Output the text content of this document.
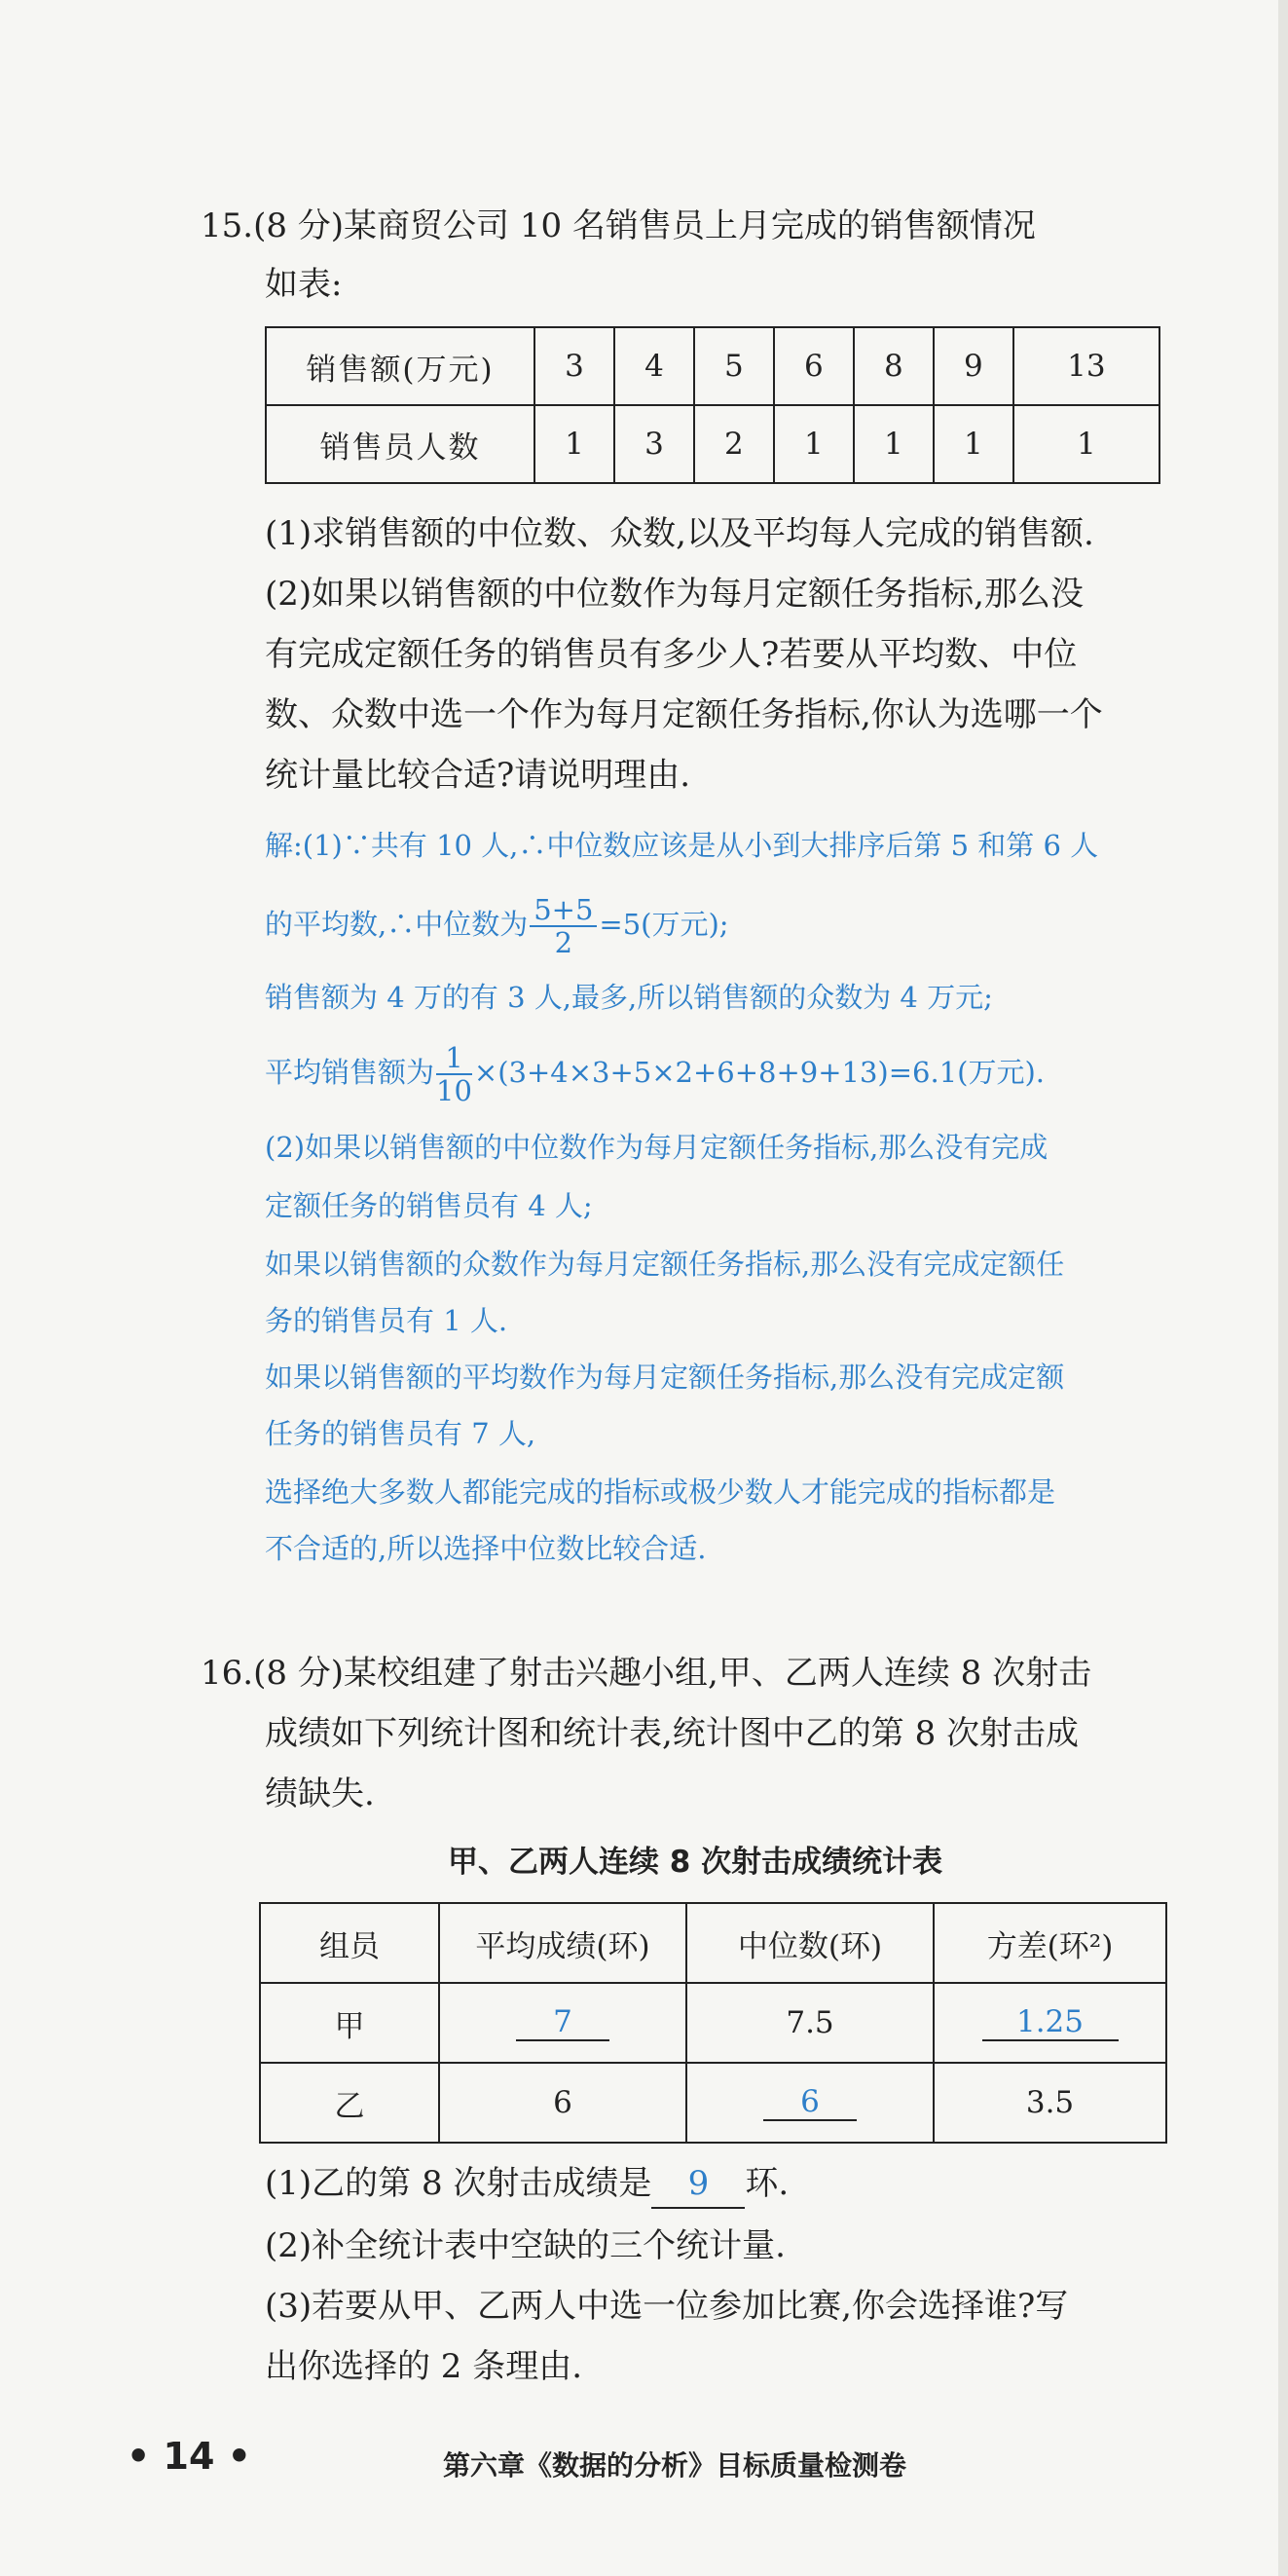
15.(8 分)某商贸公司 10 名销售员上月完成的销售额情况
如表:
销售额(万元)	3	4	5	6	8	9	13
销售员人数	1	3	2	1	1	1	1
(1)求销售额的中位数、众数,以及平均每人完成的销售额.
(2)如果以销售额的中位数作为每月定额任务指标,那么没
有完成定额任务的销售员有多少人?若要从平均数、中位
数、众数中选一个作为每月定额任务指标,你认为选哪一个
统计量比较合适?请说明理由.
解:(1)∵共有 10 人,∴中位数应该是从小到大排序后第 5 和第 6 人
的平均数,∴中位数为 $\frac{5+5}{2} =5$(万元);
销售额为 4 万的有 3 人,最多,所以销售额的众数为 4 万元;
平均销售额为 $\frac{1}{10} \times(3+4\times 3+5\times 2+6+8+9+13)=6.1$(万元).
(2)如果以销售额的中位数作为每月定额任务指标,那么没有完成
定额任务的销售员有 4 人;
如果以销售额的众数作为每月定额任务指标,那么没有完成定额任
务的销售员有 1 人.
如果以销售额的平均数作为每月定额任务指标,那么没有完成定额
任务的销售员有 7 人,
选择绝大多数人都能完成的指标或极少数人才能完成的指标都是
不合适的,所以选择中位数比较合适.
16.(8 分)某校组建了射击兴趣小组,甲、乙两人连续 8 次射击
成绩如下列统计图和统计表,统计图中乙的第 8 次射击成
绩缺失.
甲、乙两人连续 8 次射击成绩统计表
组员	平均成绩(环)	中位数(环)	方差(环²)
甲	7	7.5	1.25
乙	6	6	3.5
(1)乙的第 8 次射击成绩是 9 环.
(2)补全统计表中空缺的三个统计量.
(3)若要从甲、乙两人中选一位参加比赛,你会选择谁?写
出你选择的 2 条理由.
• 14 •	第六章《数据的分析》目标质量检测卷
